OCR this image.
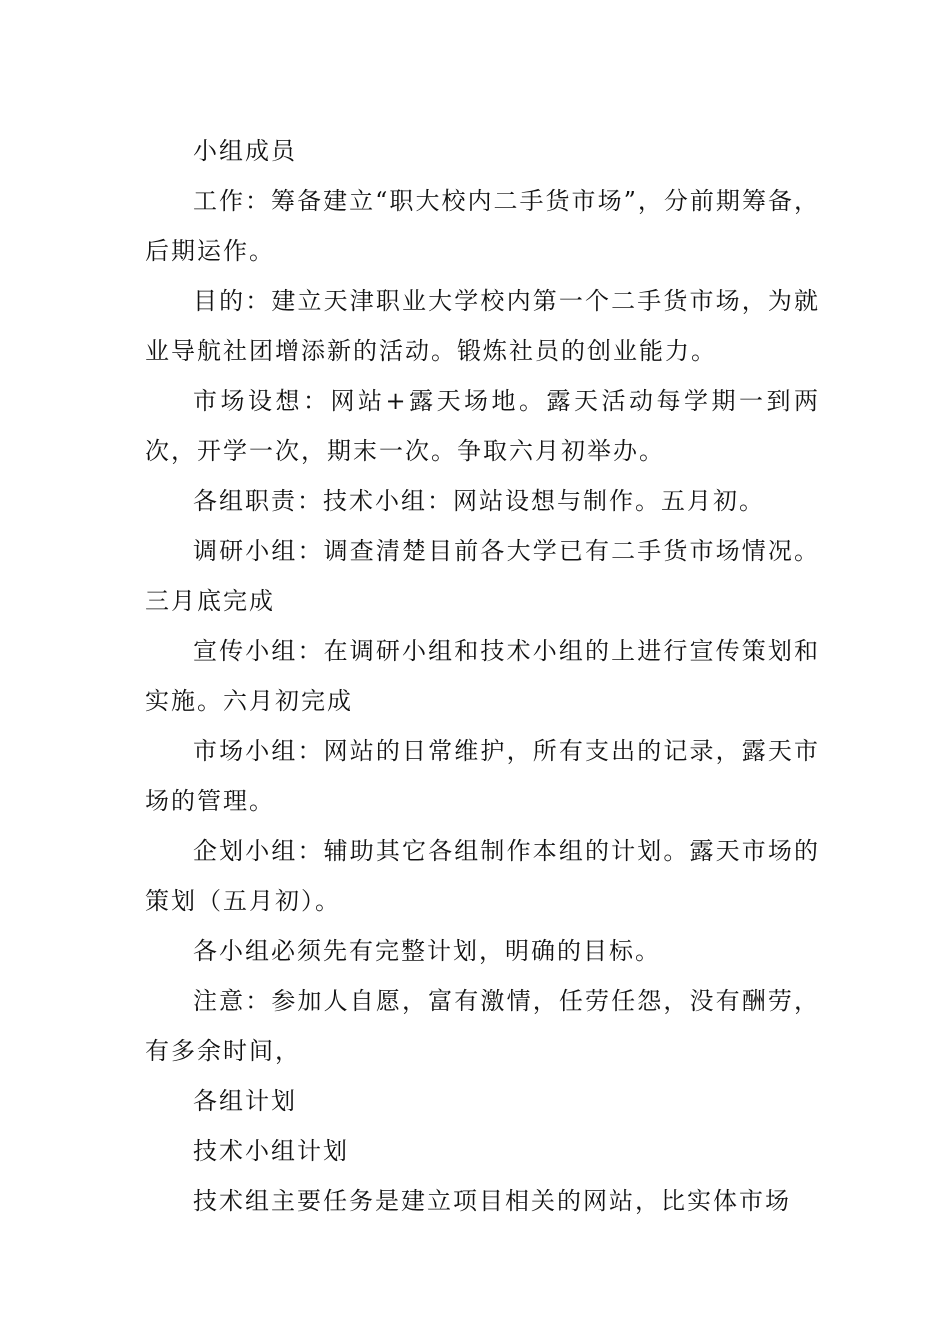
小组成员

工作：筹备建立“职大校内二手货市场”，分前期筹备，后期运作。

目的：建立天津职业大学校内第一个二手货市场，为就业导航社团增添新的活动。锻炼社员的创业能力。

市场设想：网站+露天场地。露天活动每学期一到两次，开学一次，期末一次。争取六月初举办。

各组职责：技术小组：网站设想与制作。五月初。

调研小组：调查清楚目前各大学已有二手货市场情况。三月底完成

宣传小组：在调研小组和技术小组的上进行宣传策划和实施。六月初完成

市场小组：网站的日常维护，所有支出的记录，露天市场的管理。

企划小组：辅助其它各组制作本组的计划。露天市场的策划（五月初）。

各小组必须先有完整计划，明确的目标。

注意：参加人自愿，富有激情，任劳任怨，没有酬劳，有多余时间，

各组计划

技术小组计划

技术组主要任务是建立项目相关的网站，比实体市场
